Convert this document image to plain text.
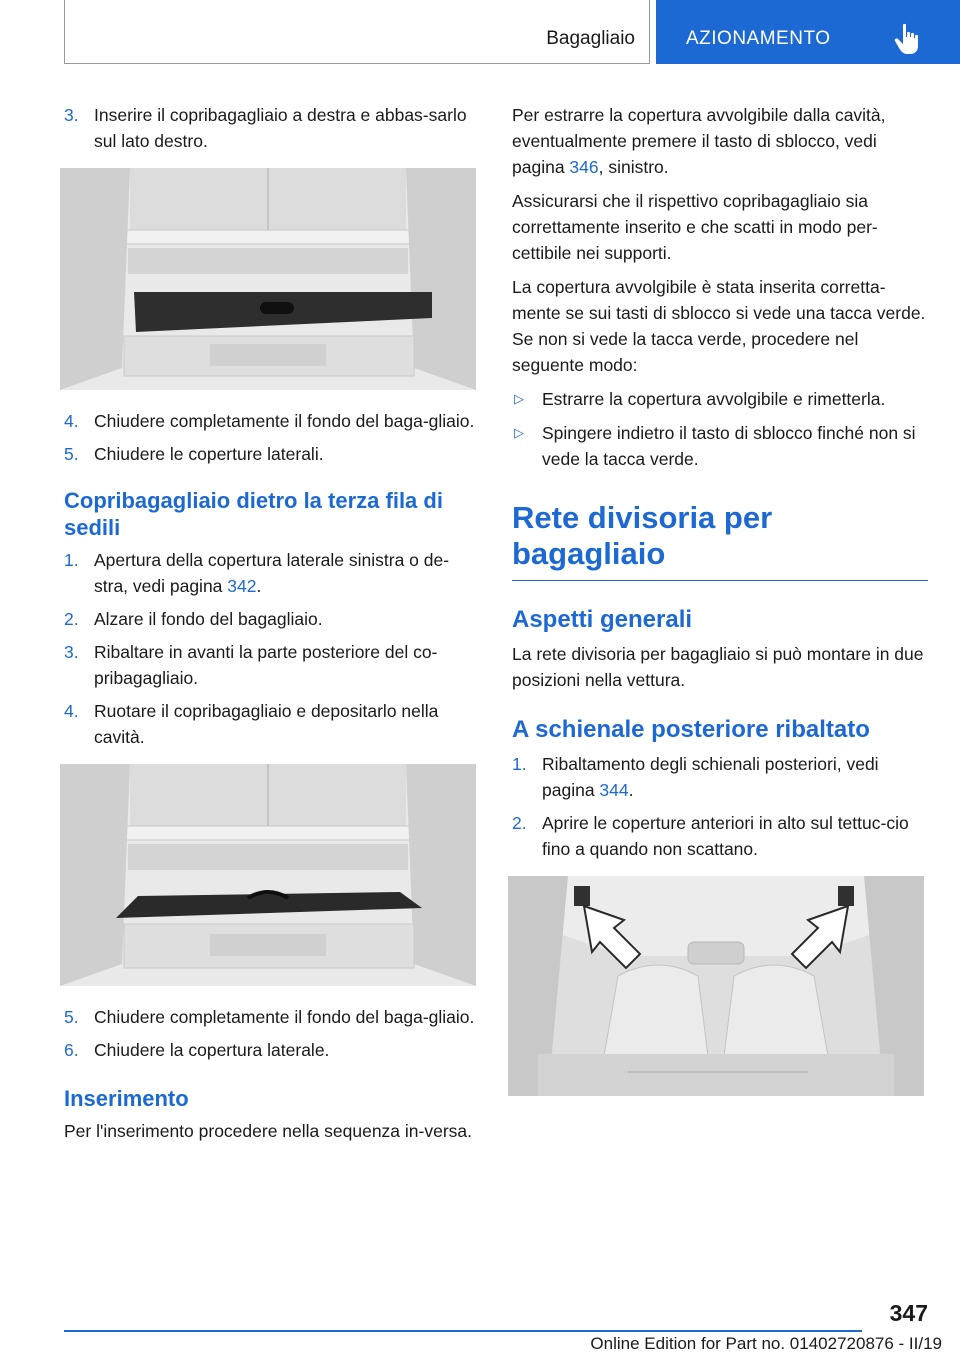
Bagagliaio	AZIONAMENTO
3. Inserire il copribagagliaio a destra e abbas-sarlo sul lato destro.
4. Chiudere completamente il fondo del baga-gliaio.
5. Chiudere le coperture laterali.
Copribagagliaio dietro la terza fila di sedili
1. Apertura della copertura laterale sinistra o de-stra, vedi pagina 342.
2. Alzare il fondo del bagagliaio.
3. Ribaltare in avanti la parte posteriore del co-pribagagliaio.
4. Ruotare il copribagagliaio e depositarlo nella cavità.
5. Chiudere completamente il fondo del baga-gliaio.
6. Chiudere la copertura laterale.
Inserimento

Per l'inserimento procedere nella sequenza in-versa.

Per estrarre la copertura avvolgibile dalla cavità, eventualmente premere il tasto di sblocco, vedi pagina 346, sinistro.

Assicurarsi che il rispettivo copribagagliaio sia correttamente inserito e che scatti in modo per-cettibile nei supporti.

La copertura avvolgibile è stata inserita corretta-mente se sui tasti di sblocco si vede una tacca verde. Se non si vede la tacca verde, procedere nel seguente modo:

▷ Estrarre la copertura avvolgibile e rimetterla.
▷ Spingere indietro il tasto di sblocco finché non si vede la tacca verde.
Rete divisoria per bagagliaio
Aspetti generali

La rete divisoria per bagagliaio si può montare in due posizioni nella vettura.

A schienale posteriore ribaltato
1. Ribaltamento degli schienali posteriori, vedi pagina 344.
2. Aprire le coperture anteriori in alto sul tettuc-cio fino a quando non scattano.
347
Online Edition for Part no. 01402720876 - II/19
